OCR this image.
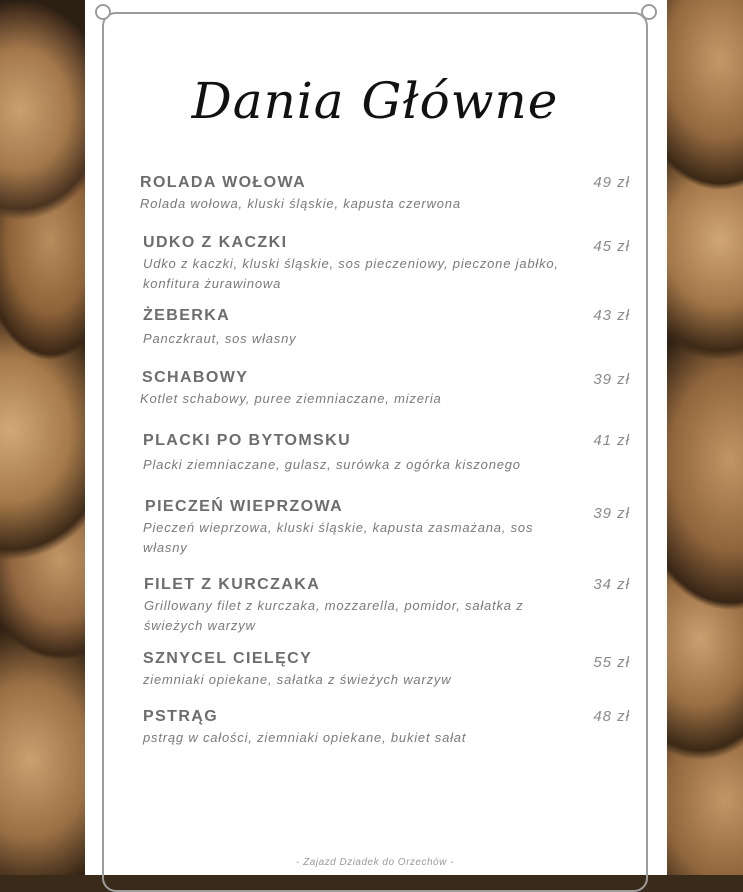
Dania Główne
ROLADA WOŁOWA
Rolada wołowa, kluski śląskie, kapusta czerwona
49 zł
UDKO Z KACZKI
Udko z kaczki, kluski śląskie, sos pieczeniowy, pieczone jabłko, konfitura żurawinowa
45 zł
ŻEBERKA
Panczkraut, sos własny
43 zł
SCHABOWY
Kotlet schabowy, puree ziemniaczane, mizeria
39 zł
PLACKI PO BYTOMSKU
Placki ziemniaczane, gulasz, surówka z ogórka kiszonego
41 zł
PIECZEŃ WIEPRZOWA
Pieczeń wieprzowa, kluski śląskie, kapusta zasmażana, sos własny
39 zł
FILET Z KURCZAKA
Grillowany filet z kurczaka, mozzarella, pomidor, sałatka z świeżych warzyw
34 zł
SZNYCEL CIELĘCY
ziemniaki opiekane, sałatka z świeżych warzyw
55 zł
PSTRĄG
pstrąg w całości, ziemniaki opiekane, bukiet sałat
48 zł
- Zajazd Dziadek do Orzechów -
